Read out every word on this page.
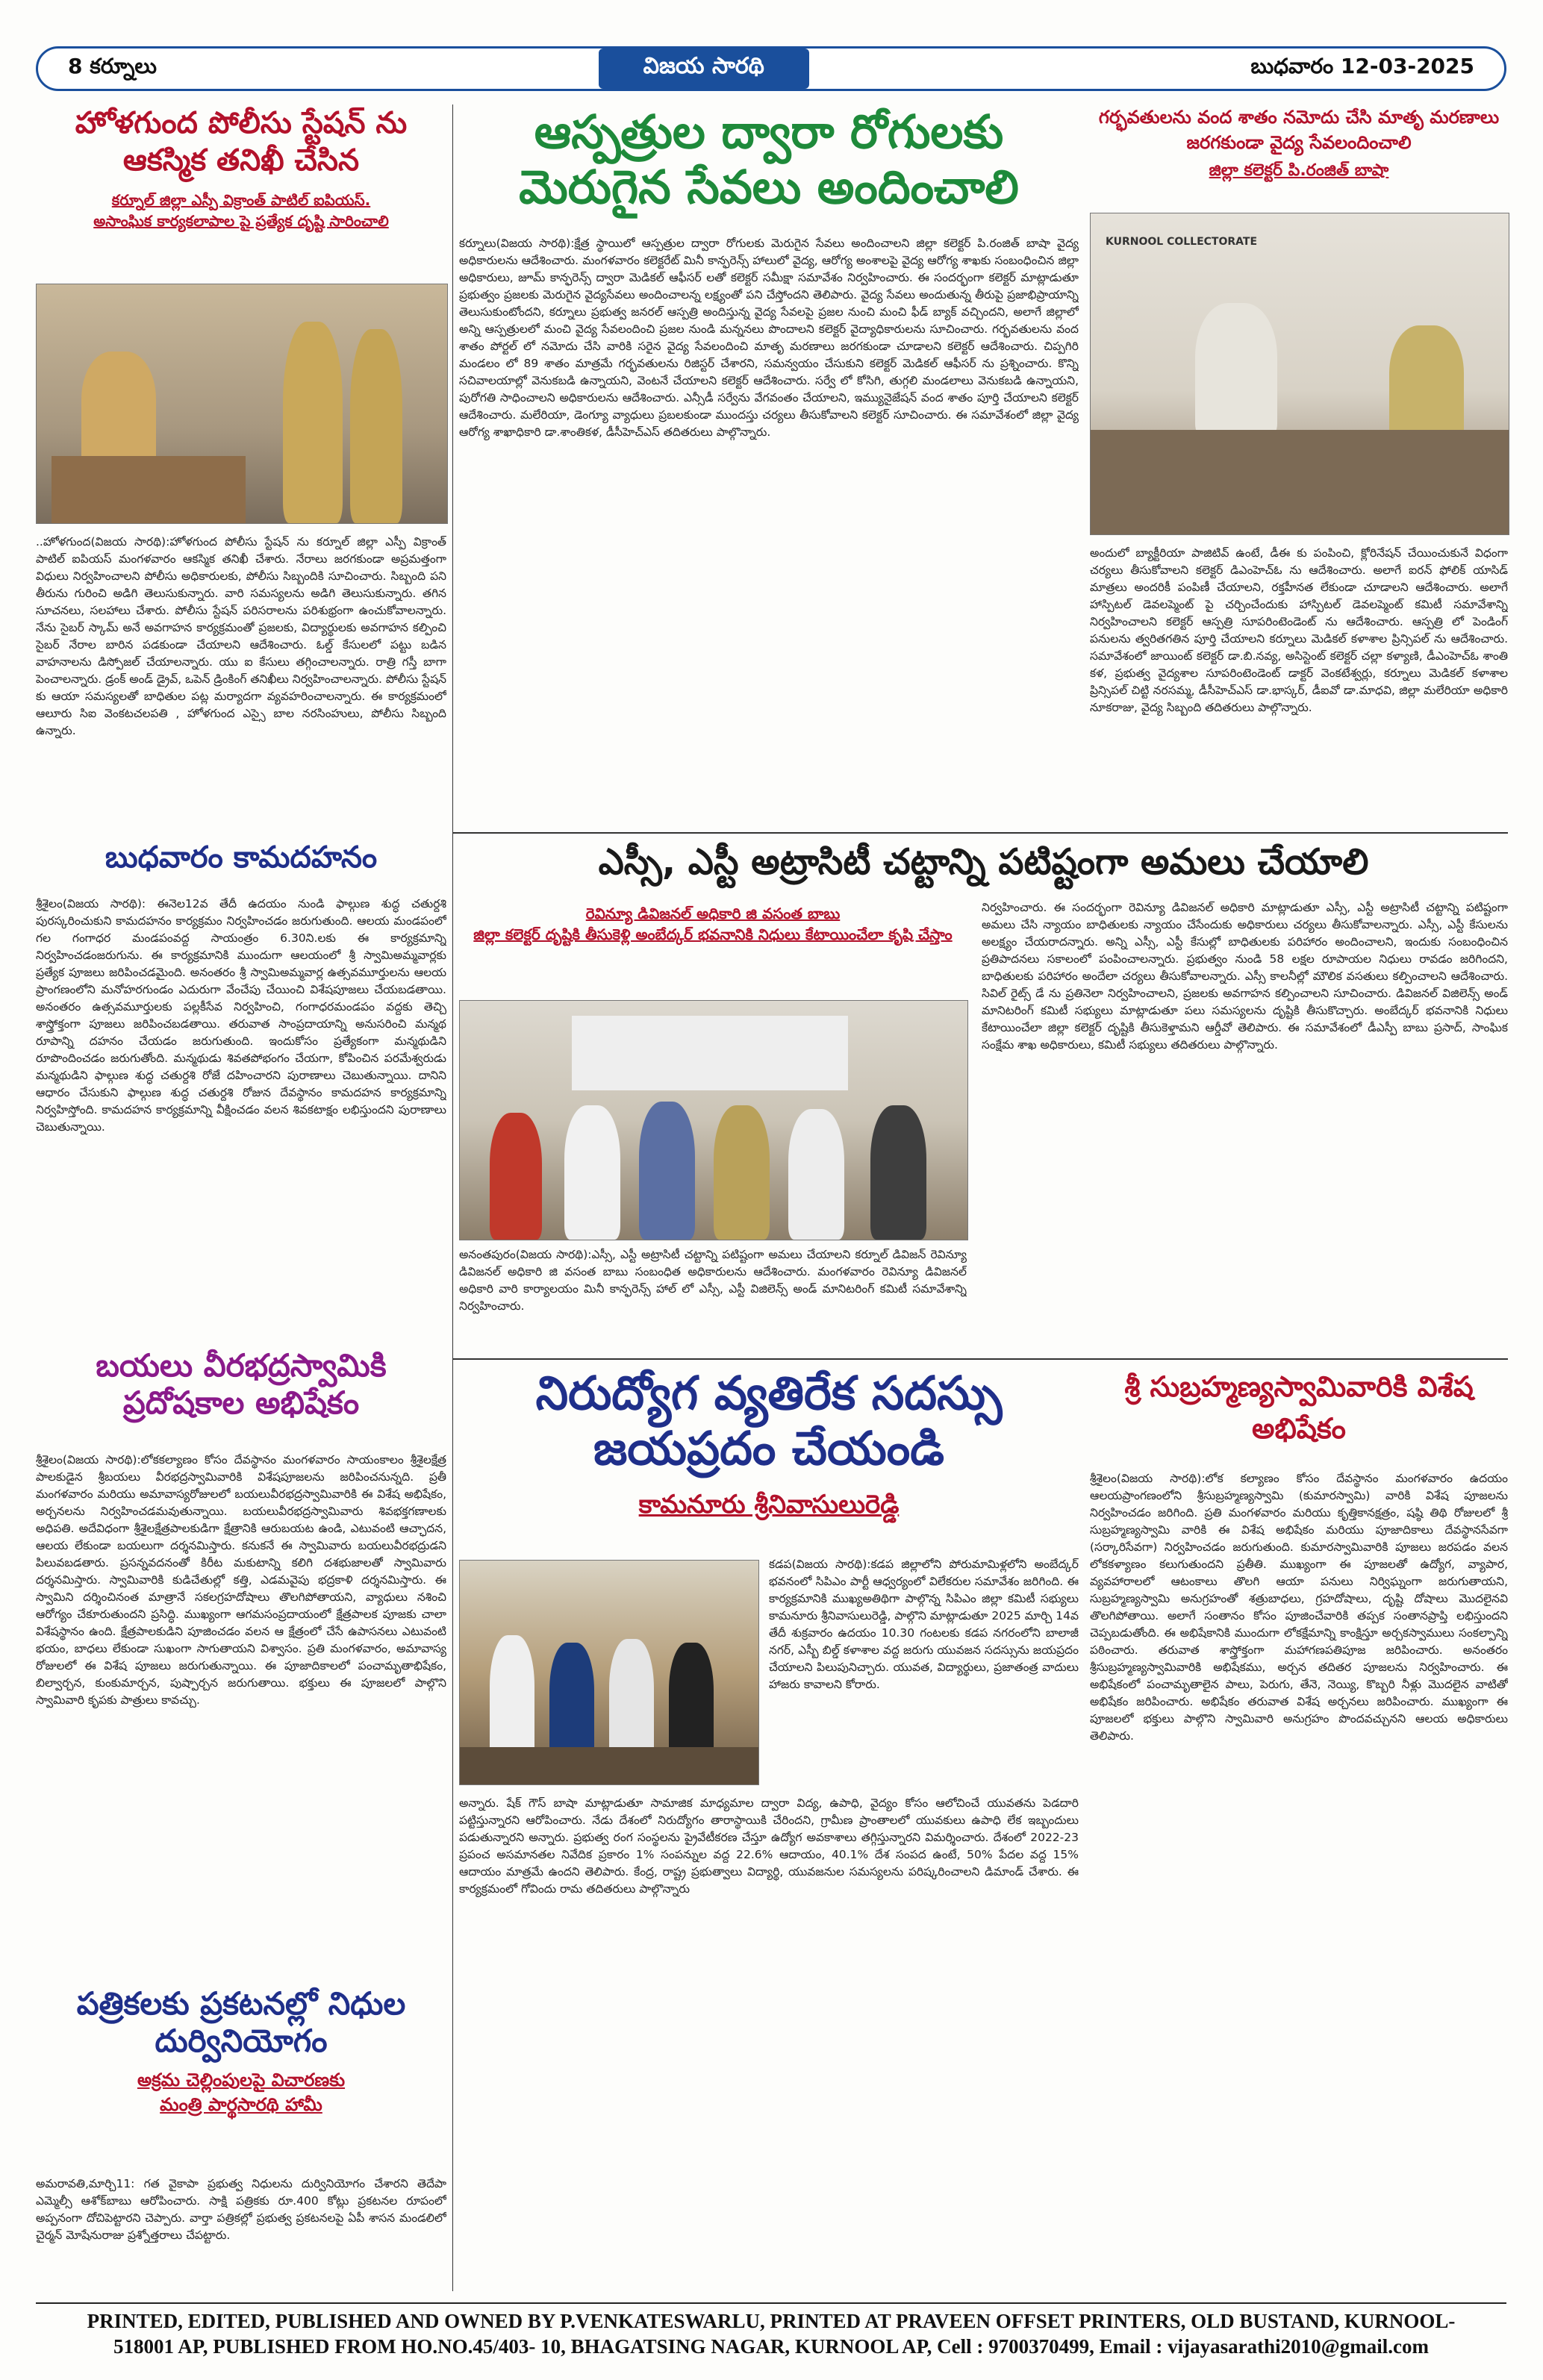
8 కర్నూలు	విజయ సారథి	బుధవారం 12-03-2025
హోళగుంద పోలీసు స్టేషన్ ను ఆకస్మిక తనిఖీ చేసిన
కర్నూల్ జిల్లా ఎస్పీ విక్రాంత్ పాటిల్ ఐపియస్.
అసాంఘిక కార్యకలాపాల పై ప్రత్యేక దృష్టి సారించాలి
..హోళగుంద(విజయ సారథి):హోళగుంద పోలీసు స్టేషన్ ను కర్నూల్ జిల్లా ఎస్పీ విక్రాంత్ పాటిల్ ఐపియస్ మంగళవారం ఆకస్మిక తనిఖీ చేశారు. నేరాలు జరగకుండా అప్రమత్తంగా విధులు నిర్వహించాలని పోలీసు అధికారులకు, పోలీసు సిబ్బందికి సూచించారు. సిబ్బంది పని తీరును గురించి అడిగి తెలుసుకున్నారు. వారి సమస్యలను అడిగి తెలుసుకున్నారు. తగిన సూచనలు, సలహాలు చేశారు. పోలీసు స్టేషన్ పరిసరాలను పరిశుభ్రంగా ఉంచుకోవాలన్నారు. నేను సైబర్ స్కామ్ అనే అవగాహన కార్యక్రమంతో ప్రజలకు, విద్యార్థులకు అవగాహన కల్పించి సైబర్ నేరాల బారిన పడకుండా చేయాలని ఆదేశించారు. ఓల్డ్ కేసులలో పట్టు బడిన వాహనాలను డిస్పోజల్ చేయాలన్నారు. యు ఐ కేసులు తగ్గించాలన్నారు. రాత్రి గస్తీ బాగా పెంచాలన్నారు. డ్రంక్ అండ్ డ్రైవ్, ఒపెన్ డ్రింకింగ్ తనిఖీలు నిర్వహించాలన్నారు. పోలీసు స్టేషన్ కు ఆయా సమస్యలతో బాధితుల పట్ల మర్యాదగా వ్యవహరించాలన్నారు. ఈ కార్యక్రమంలో ఆలూరు సిఐ వెంకటచలపతి , హోళగుంద ఎస్సై బాల నరసింహులు, పోలీసు సిబ్బంది ఉన్నారు.
బుధవారం కామదహనం
శ్రీశైలం(విజయ సారథి): ఈనెల12వ తేదీ ఉదయం నుండి ఫాల్గుణ శుద్ధ చతుర్దశి పురస్కరించుకుని కామదహనం కార్యక్రమం నిర్వహించడం జరుగుతుంది. ఆలయ మండపంలో గల గంగాధర మండపంవద్ద సాయంత్రం 6.30ని.లకు ఈ కార్యక్రమాన్ని నిర్వహించడంజరుగును. ఈ కార్యక్రమానికి ముందుగా ఆలయంలో శ్రీ స్వామిఅమ్మవార్లకు ప్రత్యేక పూజలు జరిపించడమైంది. అనంతరం శ్రీ స్వామిఅమ్మవార్ల ఉత్సవమూర్తులను ఆలయ ప్రాంగణంలోని మనోహరగుండం ఎదురుగా వేంచేపు చేయించి విశేషపూజలు చేయబడతాయి. అనంతరం ఉత్సవమూర్తులకు పల్లకీసేవ నిర్వహించి, గంగాధరమండపం వద్దకు తెచ్చి శాస్త్రోక్తంగా పూజలు జరిపించబడతాయి. తరువాత సాంప్రదాయాన్ని అనుసరించి మన్మథ రూపాన్ని దహనం చేయడం జరుగుతుంది. ఇందుకోసం ప్రత్యేకంగా మన్మథుడిని రూపొందించడం జరుగుతోంది. మన్మథుడు శివతపోభంగం చేయగా, కోపించిన పరమేశ్వరుడు మన్మథుడిని ఫాల్గుణ శుద్ధ చతుర్దశి రోజే దహించారని పురాణాలు చెబుతున్నాయి. దానిని ఆధారం చేసుకుని ఫాల్గుణ శుద్ధ చతుర్దశి రోజున దేవస్థానం కామదహన కార్యక్రమాన్ని నిర్వహిస్తోంది. కామదహన కార్యక్రమాన్ని వీక్షించడం వలన శివకటాక్షం లభిస్తుందని పురాణాలు చెబుతున్నాయి.
బయలు వీరభద్రస్వామికి ప్రదోషకాల అభిషేకం
శ్రీశైలం(విజయ సారథి):లోకకల్యాణం కోసం దేవస్థానం మంగళవారం సాయంకాలం శ్రీశైలక్షేత్ర పాలకుడైన శ్రీబయలు వీరభద్రస్వామివారికి విశేషపూజలను జరిపించనున్నది. ప్రతీ మంగళవారం మరియు అమావాస్యరోజులలో బయలువీరభద్రస్వామివారికి ఈ విశేష అభిషేకం, అర్చనలను నిర్వహించడమవుతున్నాయి. బయలువీరభద్రస్వామివారు శివభక్తగణాలకు అధిపతి. అదేవిధంగా శ్రీశైలక్షేత్రపాలకుడిగా క్షేత్రానికి ఆరుబయట ఉండి, ఎటువంటి ఆచ్ఛాదన, ఆలయ లేకుండా బయలుగా దర్శనమిస్తారు. కనుకనే ఈ స్వామివారు బయలువీరభద్రుడని పిలువబడతారు. ప్రసన్నవదనంతో కిరీట మకుటాన్ని కలిగి దశభుజాలతో స్వామివారు దర్శనమిస్తారు. స్వామివారికి కుడిచేతుల్లో కత్తి, ఎడమవైపు భద్రకాళి దర్శనమిస్తారు. ఈ స్వామిని దర్శించినంత మాత్రానే సకలగ్రహదోషాలు తొలగిపోతాయని, వ్యాధులు నశించి ఆరోగ్యం చేకూరుతుందని ప్రసిద్ధి. ముఖ్యంగా ఆగమసంప్రదాయంలో క్షేత్రపాలక పూజకు చాలా విశేషస్థానం ఉంది. క్షేత్రపాలకుడిని పూజించడం వలన ఆ క్షేత్రంలో చేసే ఉపాసనలు ఎటువంటి భయం, బాధలు లేకుండా సుఖంగా సాగుతాయని విశ్వాసం. ప్రతి మంగళవారం, అమావాస్య రోజులలో ఈ విశేష పూజలు జరుగుతున్నాయి. ఈ పూజాదికాలలో పంచామృతాభిషేకం, బిల్వార్చన, కుంకుమార్చన, పుష్పార్చన జరుగుతాయి. భక్తులు ఈ పూజలలో పాల్గొని స్వామివారి కృపకు పాత్రులు కావచ్చు.
పత్రికలకు ప్రకటనల్లో నిధుల దుర్వినియోగం
అక్రమ చెల్లింపులపై విచారణకు
మంత్రి పార్థసారథి హామీ
అమరావతి,మార్చి11: గత వైకాపా ప్రభుత్వ నిధులను దుర్వినియోగం చేశారని తెదేపా ఎమ్మెల్సీ ఆశోక్‌బాబు ఆరోపించారు. సాక్షి పత్రికకు రూ.400 కోట్లు ప్రకటనల రూపంలో అప్పనంగా దోచిపెట్టారని చెప్పారు. వార్తా పత్రికల్లో ప్రభుత్వ ప్రకటనలపై ఏపీ శాసన మండలిలో చైర్మన్ మోషేనురాజు ప్రశ్నోత్తరాలు చేపట్టారు.
ఆస్పత్రుల ద్వారా రోగులకు మెరుగైన సేవలు అందించాలి
కర్నూలు(విజయ సారథి):క్షేత్ర స్థాయిలో ఆస్పత్రుల ద్వారా రోగులకు మెరుగైన సేవలు అందించాలని జిల్లా కలెక్టర్ పి.రంజిత్ బాషా వైద్య అధికారులను ఆదేశించారు. మంగళవారం కలెక్టరేట్ మినీ కాన్ఫరెన్స్ హాలులో వైద్య, ఆరోగ్య అంశాలపై వైద్య ఆరోగ్య శాఖకు సంబంధించిన జిల్లా అధికారులు, జూమ్ కాన్ఫరెన్స్ ద్వారా మెడికల్ ఆఫీసర్ లతో కలెక్టర్ సమీక్షా సమావేశం నిర్వహించారు. ఈ సందర్భంగా కలెక్టర్ మాట్లాడుతూ ప్రభుత్వం ప్రజలకు మెరుగైన వైద్యసేవలు అందించాలన్న లక్ష్యంతో పని చేస్తోందని తెలిపారు. వైద్య సేవలు అందుతున్న తీరుపై ప్రజాభిప్రాయాన్ని తెలుసుకుంటోందని, కర్నూలు ప్రభుత్వ జనరల్ ఆస్పత్రి అందిస్తున్న వైద్య సేవలపై ప్రజల నుంచి మంచి ఫీడ్ బ్యాక్ వచ్చిందని, అలాగే జిల్లాలో అన్ని ఆస్పత్రులలో మంచి వైద్య సేవలందించి ప్రజల నుండి మన్ననలు పొందాలని కలెక్టర్ వైద్యాధికారులను సూచించారు. గర్భవతులను వంద శాతం పోర్టల్ లో నమోదు చేసి వారికి సరైన వైద్య సేవలందించి మాతృ మరణాలు జరగకుండా చూడాలని కలెక్టర్ ఆదేశించారు. చిప్పగిరి మండలం లో 89 శాతం మాత్రమే గర్భవతులను రిజిస్టర్ చేశారని, సమన్వయం చేసుకుని కలెక్టర్ మెడికల్ ఆఫీసర్ ను ప్రశ్నించారు. కొన్ని సచివాలయాల్లో వెనుకబడి ఉన్నాయని, వెంటనే చేయాలని కలెక్టర్ ఆదేశించారు. సర్వే లో కోసిగి, తుగ్గలి మండలాలు వెనుకబడి ఉన్నాయని, పురోగతి సాధించాలని అధికారులను ఆదేశించారు. ఎన్సీడీ సర్వేను వేగవంతం చేయాలని, ఇమ్యునైజేషన్ వంద శాతం పూర్తి చేయాలని కలెక్టర్ ఆదేశించారు. మలేరియా, డెంగ్యూ వ్యాధులు ప్రబలకుండా ముందస్తు చర్యలు తీసుకోవాలని కలెక్టర్ సూచించారు. ఈ సమావేశంలో జిల్లా వైద్య ఆరోగ్య శాఖాధికారి డా.శాంతికళ, డీసీహెచ్ఎస్ తదితరులు పాల్గొన్నారు.
గర్భవతులను వంద శాతం నమోదు చేసి మాతృ మరణాలు జరగకుండా వైద్య సేవలందించాలి
జిల్లా కలెక్టర్ పి.రంజిత్ బాషా
KURNOOL COLLECTORATE
అందులో బ్యాక్టీరియా పాజిటివ్ ఉంటే, డీఈ కు పంపించి, క్లోరినేషన్ చేయించుకునే విధంగా చర్యలు తీసుకోవాలని కలెక్టర్ డిఎంహెచ్ఓ ను ఆదేశించారు. అలాగే ఐరన్ ఫోలిక్ యాసిడ్ మాత్రలు అందరికీ పంపిణీ చేయాలని, రక్తహీనత లేకుండా చూడాలని ఆదేశించారు. అలాగే హాస్పిటల్ డెవలప్మెంట్ పై చర్చించేందుకు హాస్పిటల్ డెవలప్మెంట్ కమిటీ సమావేశాన్ని నిర్వహించాలని కలెక్టర్ ఆస్పత్రి సూపరింటెండెంట్ ను ఆదేశించారు. ఆస్పత్రి లో పెండింగ్ పనులను త్వరితగతిన పూర్తి చేయాలని కర్నూలు మెడికల్ కళాశాల ప్రిన్సిపల్ ను ఆదేశించారు. సమావేశంలో జాయింట్ కలెక్టర్ డా.బి.నవ్య, అసిస్టెంట్ కలెక్టర్ చల్లా కళ్యాణి, డీఎంహెచ్ఓ శాంతి కళ, ప్రభుత్వ వైద్యశాల సూపరింటెండెంట్ డాక్టర్ వెంకటేశ్వర్లు, కర్నూలు మెడికల్ కళాశాల ప్రిన్సిపల్ చిట్టి నరసమ్మ, డీసీహెచ్ఎస్ డా.భాస్కర్, డీఐవో డా.మాధవి, జిల్లా మలేరియా అధికారి నూకరాజు, వైద్య సిబ్బంది తదితరులు పాల్గొన్నారు.
ఎస్సీ, ఎస్టీ అట్రాసిటీ చట్టాన్ని పటిష్టంగా అమలు చేయాలి
రెవిన్యూ డివిజనల్ అధికారి జి వసంత బాబు
జిల్లా కలెక్టర్ దృష్టికి తీసుకెళ్లి అంబేద్కర్ భవనానికి నిధులు కేటాయించేలా కృషి చేస్తాం
అనంతపురం(విజయ సారథి):ఎస్సీ, ఎస్టీ అట్రాసిటీ చట్టాన్ని పటిష్టంగా అమలు చేయాలని కర్నూల్ డివిజన్ రెవిన్యూ డివిజనల్ అధికారి జి వసంత బాబు సంబంధిత అధికారులను ఆదేశించారు. మంగళవారం రెవిన్యూ డివిజనల్ అధికారి వారి కార్యాలయం మినీ కాన్ఫరెన్స్ హాల్ లో ఎస్సీ, ఎస్టీ విజిలెన్స్ అండ్ మానిటరింగ్ కమిటీ సమావేశాన్ని నిర్వహించారు.
నిర్వహించారు. ఈ సందర్భంగా రెవిన్యూ డివిజనల్ అధికారి మాట్లాడుతూ ఎస్సీ, ఎస్టీ అట్రాసిటీ చట్టాన్ని పటిష్టంగా అమలు చేసి న్యాయం బాధితులకు న్యాయం చేసేందుకు అధికారులు చర్యలు తీసుకోవాలన్నారు. ఎస్సీ, ఎస్టీ కేసులను అలక్ష్యం చేయరాదన్నారు. అన్ని ఎస్సీ, ఎస్టీ కేసుల్లో బాధితులకు పరిహారం అందించాలని, ఇందుకు సంబంధించిన ప్రతిపాదనలు సకాలంలో పంపించాలన్నారు. ప్రభుత్వం నుండి 58 లక్షల రూపాయల నిధులు రావడం జరిగిందని, బాధితులకు పరిహారం అందేలా చర్యలు తీసుకోవాలన్నారు. ఎస్సీ కాలనీల్లో మౌలిక వసతులు కల్పించాలని ఆదేశించారు. సివిల్ రైట్స్ డే ను ప్రతినెలా నిర్వహించాలని, ప్రజలకు అవగాహన కల్పించాలని సూచించారు. డివిజనల్ విజిలెన్స్ అండ్ మానిటరింగ్ కమిటీ సభ్యులు మాట్లాడుతూ పలు సమస్యలను దృష్టికి తీసుకొచ్చారు. అంబేద్కర్ భవనానికి నిధులు కేటాయించేలా జిల్లా కలెక్టర్ దృష్టికి తీసుకెళ్తామని ఆర్డీవో తెలిపారు. ఈ సమావేశంలో డీఎస్పీ బాబు ప్రసాద్, సాంఘిక సంక్షేమ శాఖ అధికారులు, కమిటీ సభ్యులు తదితరులు పాల్గొన్నారు.
నిరుద్యోగ వ్యతిరేక సదస్సు జయప్రదం చేయండి
కామనూరు శ్రీనివాసులురెడ్డి
కడప(విజయ సారథి):కడప జిల్లాలోని పోరుమామిళ్లలోని అంబేద్కర్ భవనంలో సిపిఎం పార్టీ ఆధ్వర్యంలో విలేకరుల సమావేశం జరిగింది. ఈ కార్యక్రమానికి ముఖ్యఅతిథిగా పాల్గొన్న సిపిఎం జిల్లా కమిటీ సభ్యులు కామనూరు శ్రీనివాసులురెడ్డి, పాల్గొని మాట్లాడుతూ 2025 మార్చి 14వ తేదీ శుక్రవారం ఉదయం 10.30 గంటలకు కడప నగరంలోని బాలాజీ నగర్, ఎస్బీ బిల్డ్ కళాశాల వద్ద జరుగు యువజన సదస్సును జయప్రదం చేయాలని పిలుపునిచ్చారు. యువత, విద్యార్థులు, ప్రజాతంత్ర వాదులు హాజరు కావాలని కోరారు.
అన్నారు. షేక్ గౌస్ బాషా మాట్లాడుతూ సామాజిక మాధ్యమాల ద్వారా విద్య, ఉపాధి, వైద్యం కోసం ఆలోచించే యువతను పెడదారి పట్టిస్తున్నారని ఆరోపించారు. నేడు దేశంలో నిరుద్యోగం తారాస్థాయికి చేరిందని, గ్రామీణ ప్రాంతాలలో యువకులు ఉపాధి లేక ఇబ్బందులు పడుతున్నారని అన్నారు. ప్రభుత్వ రంగ సంస్థలను ప్రైవేటీకరణ చేస్తూ ఉద్యోగ అవకాశాలు తగ్గిస్తున్నారని విమర్శించారు. దేశంలో 2022-23 ప్రపంచ అసమానతల నివేదిక ప్రకారం 1% సంపన్నుల వద్ద 22.6% ఆదాయం, 40.1% దేశ సంపద ఉంటే, 50% పేదల వద్ద 15% ఆదాయం మాత్రమే ఉందని తెలిపారు. కేంద్ర, రాష్ట్ర ప్రభుత్వాలు విద్యార్థి, యువజనుల సమస్యలను పరిష్కరించాలని డిమాండ్ చేశారు. ఈ కార్యక్రమంలో గోవిందు రామ తదితరులు పాల్గొన్నారు
శ్రీ సుబ్రహ్మణ్యస్వామివారికి విశేష అభిషేకం
శ్రీశైలం(విజయ సారథి):లోక కల్యాణం కోసం దేవస్థానం మంగళవారం ఉదయం ఆలయప్రాంగణంలోని శ్రీసుబ్రహ్మణ్యస్వామి (కుమారస్వామి) వారికి విశేష పూజలను నిర్వహించడం జరిగింది. ప్రతి మంగళవారం మరియు కృత్తికానక్షత్రం, షష్ఠి తిథి రోజులలో శ్రీ సుబ్రహ్మణ్యస్వామి వారికి ఈ విశేష అభిషేకం మరియు పూజాదికాలు దేవస్థానసేవగా (సర్కారిసేవగా) నిర్వహించడం జరుగుతుంది. కుమారస్వామివారికి పూజలు జరపడం వలన లోకకళ్యాణం కలుగుతుందని ప్రతీతి. ముఖ్యంగా ఈ పూజలతో ఉద్యోగ, వ్యాపార, వ్యవహారాలలో ఆటంకాలు తొలగి ఆయా పనులు నిర్విఘ్నంగా జరుగుతాయని, సుబ్రహ్మణ్యస్వామి అనుగ్రహంతో శత్రుబాధలు, గ్రహదోషాలు, దృష్టి దోషాలు మొదలైనవి తొలగిపోతాయి. అలాగే సంతానం కోసం పూజించేవారికి తప్పక సంతానప్రాప్తి లభిస్తుందని చెప్పబడుతోంది. ఈ అభిషేకానికి ముందుగా లోకక్షేమాన్ని కాంక్షిస్తూ అర్చకస్వాములు సంకల్పాన్ని పఠించారు. తరువాత శాస్త్రోక్తంగా మహాగణపతిపూజ జరిపించారు. అనంతరం శ్రీసుబ్రహ్మణ్యస్వామివారికి అభిషేకము, అర్చన తదితర పూజలను నిర్వహించారు. ఈ అభిషేకంలో పంచామృతాలైన పాలు, పెరుగు, తేనె, నెయ్యి, కొబ్బరి నీళ్లు మొదలైన వాటితో అభిషేకం జరిపించారు. అభిషేకం తరువాత విశేష అర్చనలు జరిపించారు. ముఖ్యంగా ఈ పూజలలో భక్తులు పాల్గొని స్వామివారి అనుగ్రహం పొందవచ్చునని ఆలయ అధికారులు తెలిపారు.
PRINTED, EDITED, PUBLISHED AND OWNED BY P.VENKATESWARLU, PRINTED AT PRAVEEN OFFSET PRINTERS, OLD BUSTAND, KURNOOL-
518001 AP, PUBLISHED FROM HO.NO.45/403- 10, BHAGATSING NAGAR, KURNOOL AP, Cell : 9700370499, Email : vijayasarathi2010@gmail.com
